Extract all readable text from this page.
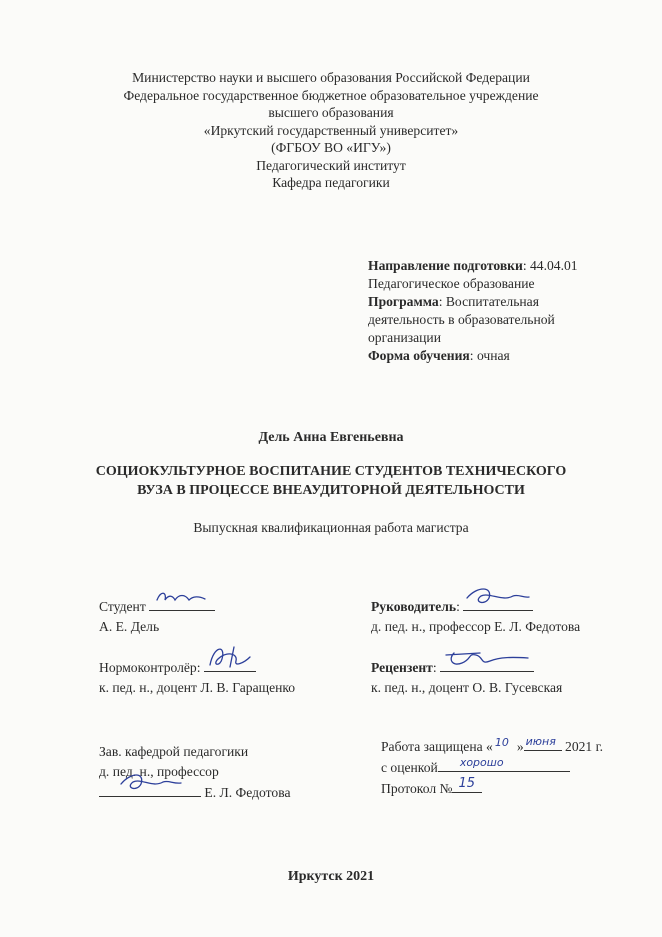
Министерство науки и высшего образования Российской Федерации
Федеральное государственное бюджетное образовательное учреждение
высшего образования
«Иркутский государственный университет»
(ФГБОУ ВО «ИГУ»)
Педагогический институт
Кафедра педагогики
Направление подготовки: 44.04.01
Педагогическое образование
Программа: Воспитательная
деятельность в образовательной
организации
Форма обучения: очная
Дель Анна Евгеньевна
СОЦИОКУЛЬТУРНОЕ ВОСПИТАНИЕ СТУДЕНТОВ ТЕХНИЧЕСКОГО
ВУЗА В ПРОЦЕССЕ ВНЕАУДИТОРНОЙ ДЕЯТЕЛЬНОСТИ
Выпускная квалификационная работа магистра
Студент
А. Е. Дель
Руководитель:
д. пед. н., профессор Е. Л. Федотова
Нормоконтролёр:
к. пед. н., доцент Л. В. Гаращенко
Рецензент:
к. пед. н., доцент О. В. Гусевская
Зав. кафедрой педагогики
д. пед. н., профессор
Е. Л. Федотова
Работа защищена « 10 » июня 2021 г.
с оценкой хорошо
Протокол № 15
Иркутск 2021
